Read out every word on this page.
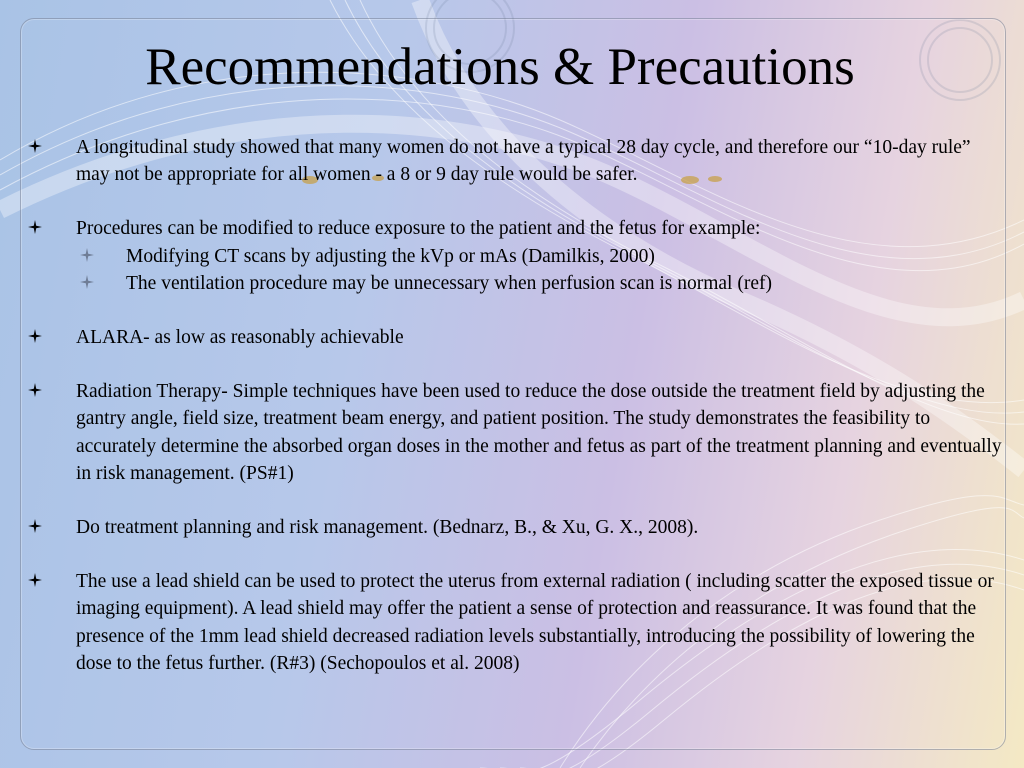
Recommendations & Precautions
A longitudinal study showed that many women do not have a typical 28 day cycle, and therefore our “10-day rule” may not be appropriate for all women - a 8 or 9 day rule would be safer.
Procedures can be modified to reduce exposure to the patient and the fetus for example:
Modifying CT scans by adjusting the kVp or mAs (Damilkis, 2000)
The ventilation procedure may be unnecessary when perfusion scan is normal (ref)
ALARA- as low as reasonably achievable
Radiation Therapy- Simple techniques have been used to reduce the dose outside the treatment field by adjusting the gantry angle, field size, treatment beam energy, and patient position. The study demonstrates the feasibility to accurately determine the absorbed organ doses in the mother and fetus as part of the treatment planning and eventually in risk management. (PS#1)
Do treatment planning and risk management. (Bednarz, B., & Xu, G. X., 2008).
The use a lead shield can be used to protect the uterus from external radiation ( including scatter the exposed tissue or imaging equipment). A lead shield may offer the patient a sense of protection and reassurance. It was found that the presence of the 1mm lead shield decreased radiation levels substantially, introducing the possibility of lowering the dose to the fetus further. (R#3) (Sechopoulos et al. 2008)
